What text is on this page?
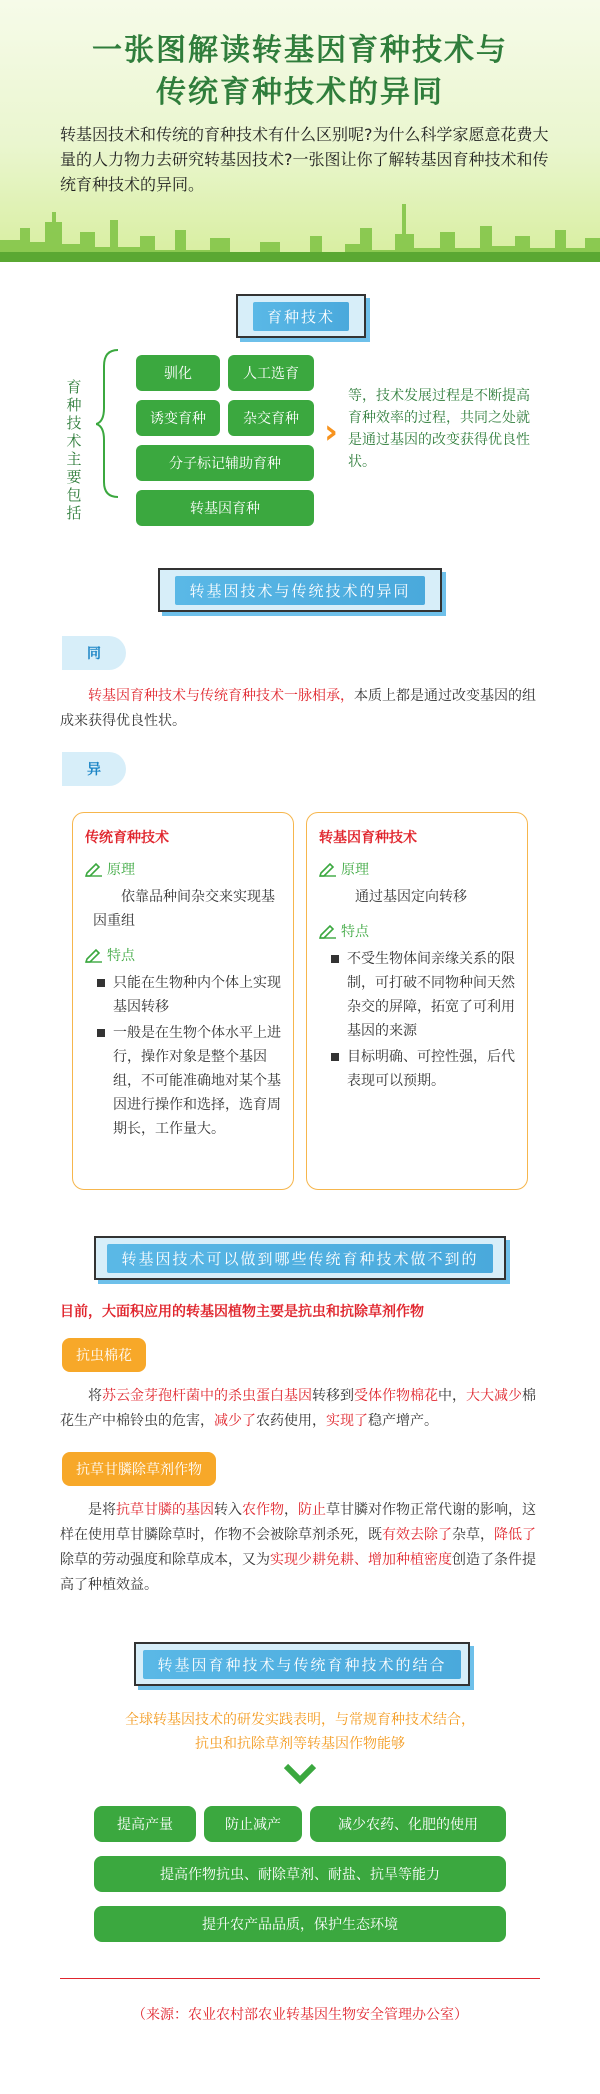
一张图解读转基因育种技术与
传统育种技术的异同
转基因技术和传统的育种技术有什么区别呢?为什么科学家愿意花费大量的人力物力去研究转基因技术?一张图让你了解转基因育种技术和传统育种技术的异同。
育种技术
育种技术主要包括
驯化	人工选育
诱变育种	杂交育种
分子标记辅助育种
转基因育种
›
等，技术发展过程是不断提高育种效率的过程，共同之处就是通过基因的改变获得优良性状。
转基因技术与传统技术的异同
同
转基因育种技术与传统育种技术一脉相承，本质上都是通过改变基因的组成来获得优良性状。
异
传统育种技术
原理

依靠品种间杂交来实现基因重组

特点
只能在生物种内个体上实现基因转移
一般是在生物个体水平上进行，操作对象是整个基因组，不可能准确地对某个基因进行操作和选择，选育周期长，工作量大。
转基因育种技术
原理

通过基因定向转移

特点
不受生物体间亲缘关系的限制，可打破不同物种间天然杂交的屏障，拓宽了可利用基因的来源
目标明确、可控性强，后代表现可以预期。
转基因技术可以做到哪些传统育种技术做不到的
目前，大面积应用的转基因植物主要是抗虫和抗除草剂作物
抗虫棉花
将苏云金芽孢杆菌中的杀虫蛋白基因转移到受体作物棉花中，大大减少棉花生产中棉铃虫的危害，减少了农药使用，实现了稳产增产。
抗草甘膦除草剂作物
是将抗草甘膦的基因转入农作物，防止草甘膦对作物正常代谢的影响，这样在使用草甘膦除草时，作物不会被除草剂杀死，既有效去除了杂草，降低了除草的劳动强度和除草成本，又为实现少耕免耕、增加种植密度创造了条件提高了种植效益。
转基因育种技术与传统育种技术的结合
全球转基因技术的研发实践表明，与常规育种技术结合，
抗虫和抗除草剂等转基因作物能够
提高产量	防止减产	减少农药、化肥的使用
提高作物抗虫、耐除草剂、耐盐、抗旱等能力
提升农产品品质，保护生态环境
（来源：农业农村部农业转基因生物安全管理办公室）
